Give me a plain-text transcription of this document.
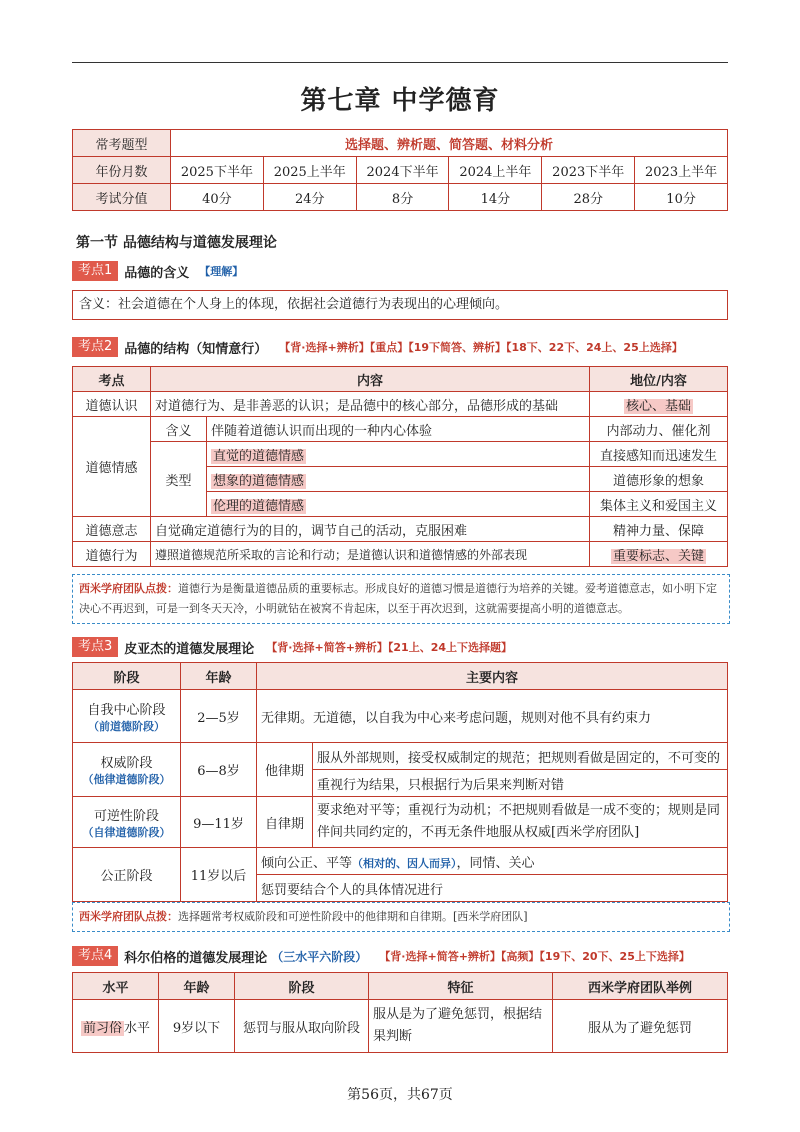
第七章 中学德育
常考题型	选择题、辨析题、简答题、材料分析					
年份月数	2025下半年	2025上半年	2024下半年	2024上半年	2023下半年	2023上半年
考试分值	40分	24分	8分	14分	28分	10分
第一节 品德结构与道德发展理论
考点1 品德的含义 【理解】
含义：社会道德在个人身上的体现，依据社会道德行为表现出的心理倾向。
考点2 品德的结构（知情意行） 【背·选择+辨析】【重点】【19下简答、辨析】【18下、22下、24上、25上选择】
考点	内容		地位/内容
道德认识	对道德行为、是非善恶的认识；是品德中的核心部分，品德形成的基础		核心、基础
道德情感	含义	伴随着道德认识而出现的一种内心体验	内部动力、催化剂
	类型	直觉的道德情感	直接感知而迅速发生
		想象的道德情感	道德形象的想象
		伦理的道德情感	集体主义和爱国主义
道德意志	自觉确定道德行为的目的，调节自己的活动，克服困难		精神力量、保障
道德行为	遵照道德规范所采取的言论和行动；是道德认识和道德情感的外部表现		重要标志、关键
西米学府团队点拨：道德行为是衡量道德品质的重要标志。形成良好的道德习惯是道德行为培养的关键。爱考道德意志，如小明下定决心不再迟到，可是一到冬天天冷，小明就钻在被窝不肯起床，以至于再次迟到，这就需要提高小明的道德意志。
考点3 皮亚杰的道德发展理论 【背·选择+简答+辨析】【21上、24上下选择题】
阶段	年龄	主要内容	

自我中心阶段
（前道德阶段）	2—5岁	无律期。无道德，以自我为中心来考虑问题，规则对他不具有约束力	

权威阶段
（他律道德阶段）	6—8岁	他律期	服从外部规则，接受权威制定的规范；把规则看做是固定的，不可变的
			重视行为结果，只根据行为后果来判断对错

可逆性阶段
（自律道德阶段）	9—11岁	自律期	要求绝对平等；重视行为动机；不把规则看做是一成不变的；规则是同伴间共同约定的，不再无条件地服从权威[西米学府团队]
公正阶段	11岁以后	倾向公正、平等（相对的、因人而异），同情、关心	
		惩罚要结合个人的具体情况进行	
西米学府团队点拨：选择题常考权威阶段和可逆性阶段中的他律期和自律期。[西米学府团队]
考点4 科尔伯格的道德发展理论 （三水平六阶段） 【背·选择+简答+辨析】【高频】【19下、20下、25上下选择】
水平	年龄	阶段	特征	西米学府团队举例
前习俗 水平	9岁以下	惩罚与服从取向阶段	服从是为了避免惩罚，根据结果判断	服从为了避免惩罚
第56页，共67页
